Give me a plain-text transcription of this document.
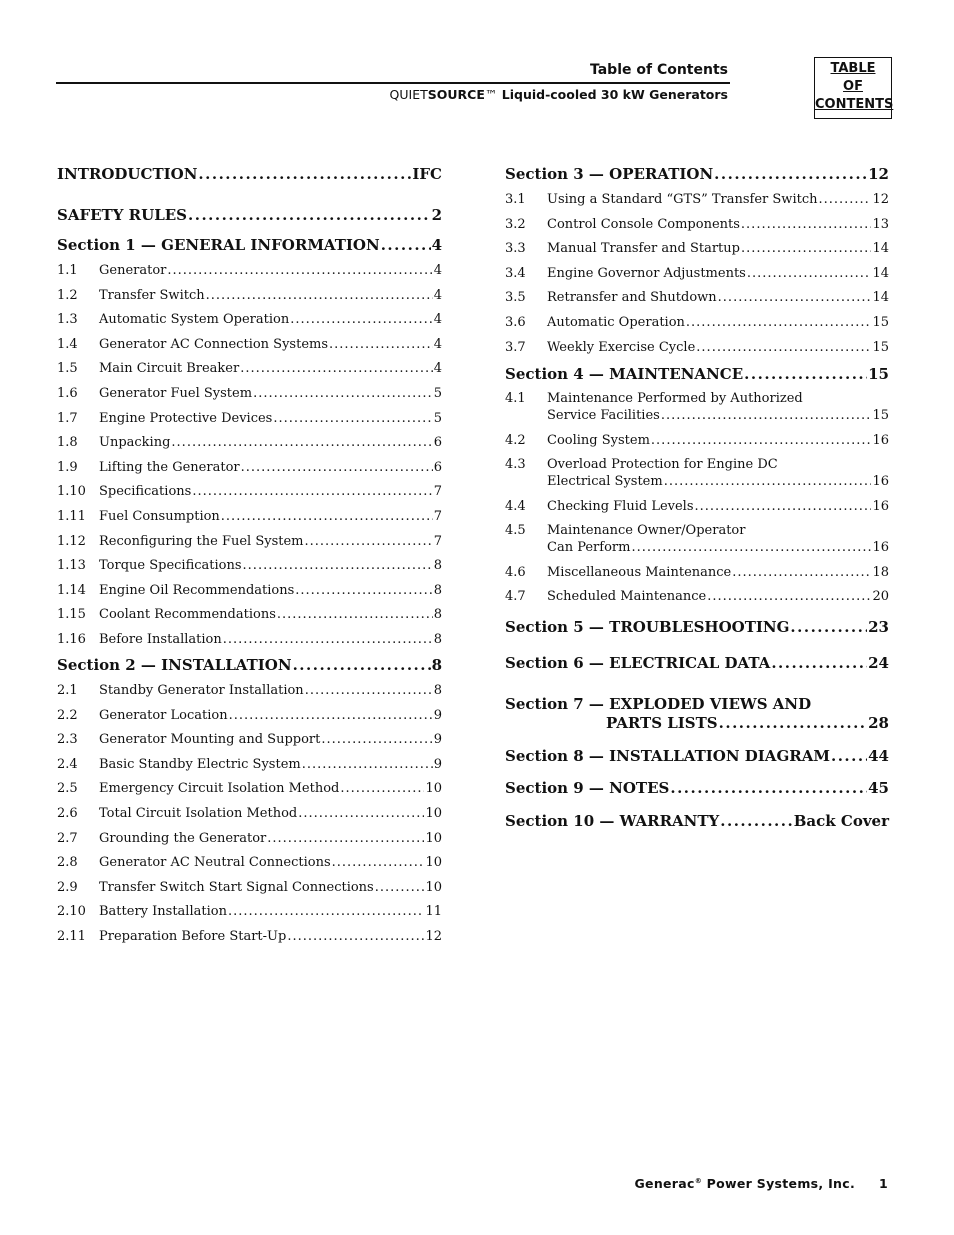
Table of Contents
QUIETSOURCE™ Liquid-cooled 30 kW Generators
TABLE
OF
CONTENTS
INTRODUCTION .....	IFC
SAFETY RULES .....	2
Section 1 — GENERAL INFORMATION .....	4
1.1	Generator .....	4
1.2	Transfer Switch .....	4
1.3	Automatic System Operation .....	4
1.4	Generator AC Connection Systems .....	4
1.5	Main Circuit Breaker .....	4
1.6	Generator Fuel System .....	5
1.7	Engine Protective Devices .....	5
1.8	Unpacking .....	6
1.9	Lifting the Generator .....	6
1.10	Specifications .....	7
1.11	Fuel Consumption .....	7
1.12	Reconfiguring the Fuel System .....	7
1.13	Torque Specifications .....	8
1.14	Engine Oil Recommendations .....	8
1.15	Coolant Recommendations .....	8
1.16	Before Installation .....	8
Section 2 — INSTALLATION .....	8
2.1	Standby Generator Installation .....	8
2.2	Generator Location .....	9
2.3	Generator Mounting and Support .....	9
2.4	Basic Standby Electric System .....	9
2.5	Emergency Circuit Isolation Method .....	10
2.6	Total Circuit Isolation Method .....	10
2.7	Grounding the Generator .....	10
2.8	Generator AC Neutral Connections .....	10
2.9	Transfer Switch Start Signal Connections .....	10
2.10	Battery Installation .....	11
2.11	Preparation Before Start-Up .....	12
Section 3 — OPERATION .....	12
3.1	Using a Standard “GTS” Transfer Switch .....	12
3.2	Control Console Components .....	13
3.3	Manual Transfer and Startup .....	14
3.4	Engine Governor Adjustments .....	14
3.5	Retransfer and Shutdown .....	14
3.6	Automatic Operation .....	15
3.7	Weekly Exercise Cycle .....	15
Section 4 — MAINTENANCE .....	15
4.1 Maintenance Performed by Authorized
Service Facilities .....	15
4.2	Cooling System .....	16
4.3 Overload Protection for Engine DC
Electrical System .....	16
4.4	Checking Fluid Levels .....	16
4.5 Maintenance Owner/Operator
Can Perform .....	16
4.6	Miscellaneous Maintenance .....	18
4.7	Scheduled Maintenance .....	20
Section 5 — TROUBLESHOOTING .....	23
Section 6 — ELECTRICAL DATA .....	24
Section 7 — EXPLODED VIEWS AND
PARTS LISTS .....	28
Section 8 — INSTALLATION DIAGRAM .....	44
Section 9 — NOTES .....	45
Section 10 — WARRANTY .....	Back Cover
Generac® Power Systems, Inc. 1
